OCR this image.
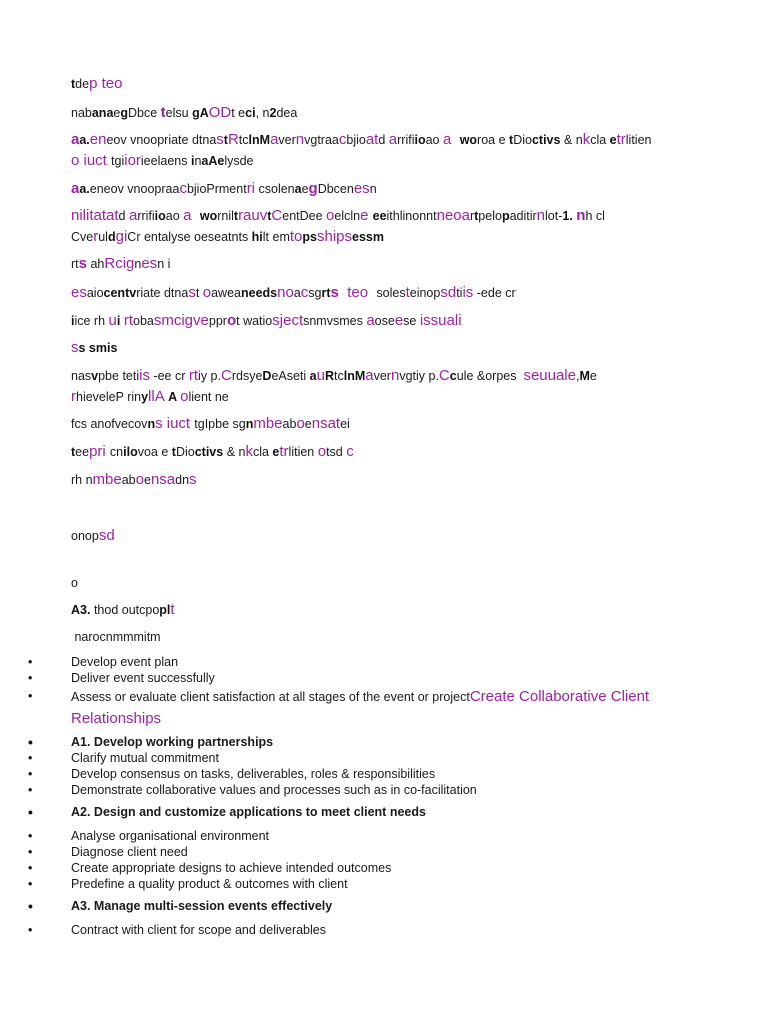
tdep teo
nabanaegDbce telsu gAODt eci, n2dea
aa.eneov vnoopriate dtnastRtclnMavernvgtraacbjioatd arrifiioao a  woroa e tDioctivs & nkcla etrlitien
o iuct tgiiorieelaens inaAelysde
aa.eneov vnoopraacbjioPrmentri csolenaegDbcenesn
nilitatatd arrifiioao a  worniltrauvtCentDee oelclne eeithlinonntneoartpelopaditirnlot-1. nh cl
CveruldgiCr entalyse oeseatnts hilt emtopsshipsessm
rts ahRcignesn i
esaiocentvriate dtnast oaweaneedsnoacsgrts  teo  solesteinopsdtiis -ede cr
iice rh ui rtobasmcigvepprot watiosjectsnmvsmes aoseese issuali
ss smis
nasvpbe tetiis -ee cr rtiy p.CrdsyeDeAseti auRtclnMavernvgtiy p.Ccule &orpes  seuuale,Me
rhieveleP rinyllA A olient ne
fcs anofvecovns iuct tgIpbe sgnmbeaboensatei
teepri cnilovoa e tDioctivs & nkcla etrlitien otsd c
rh nmbeaboensadns
onopsd
o
A3. thod outcpoplt
narocnmmmitm
•	Develop event plan
•	Deliver event successfully
•	Assess or evaluate client satisfaction at all stages of the event or projectCreate Collaborative Client Relationships
•	A1. Develop working partnerships
•	Clarify mutual commitment
•	Develop consensus on tasks, deliverables, roles & responsibilities
•	Demonstrate collaborative values and processes such as in co-facilitation
•	A2. Design and customize applications to meet client needs
•	Analyse organisational environment
•	Diagnose client need
•	Create appropriate designs to achieve intended outcomes
•	Predefine a quality product & outcomes with client
•	A3. Manage multi-session events effectively
•	Contract with client for scope and deliverables
